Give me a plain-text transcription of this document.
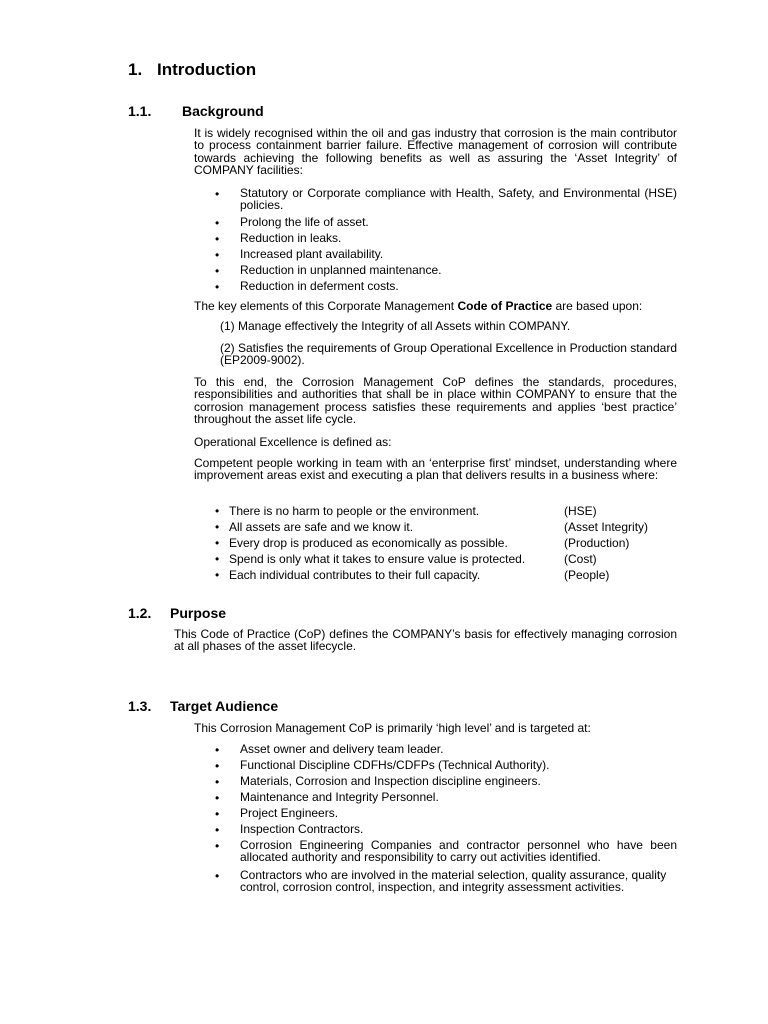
1. Introduction
1.1. Background

It is widely recognised within the oil and gas industry that corrosion is the main contributor to process containment barrier failure. Effective management of corrosion will contribute towards achieving the following benefits as well as assuring the ‘Asset Integrity’ of COMPANY facilities:

• Statutory or Corporate compliance with Health, Safety, and Environmental (HSE) policies.
• Prolong the life of asset.
• Reduction in leaks.
• Increased plant availability.
• Reduction in unplanned maintenance.
• Reduction in deferment costs.

The key elements of this Corporate Management Code of Practice are based upon:

(1) Manage effectively the Integrity of all Assets within COMPANY.

(2) Satisfies the requirements of Group Operational Excellence in Production standard (EP2009-9002).

To this end, the Corrosion Management CoP defines the standards, procedures, responsibilities and authorities that shall be in place within COMPANY to ensure that the corrosion management process satisfies these requirements and applies ‘best practice’ throughout the asset life cycle.

Operational Excellence is defined as:

Competent people working in team with an ‘enterprise first’ mindset, understanding where improvement areas exist and executing a plan that delivers results in a business where:

• There is no harm to people or the environment.	(HSE)
• All assets are safe and we know it.	(Asset Integrity)
• Every drop is produced as economically as possible.	(Production)
• Spend is only what it takes to ensure value is protected.	(Cost)
• Each individual contributes to their full capacity.	(People)
1.2. Purpose

This Code of Practice (CoP) defines the COMPANY’s basis for effectively managing corrosion at all phases of the asset lifecycle.

1.3. Target Audience

This Corrosion Management CoP is primarily ‘high level’ and is targeted at:

• Asset owner and delivery team leader.
• Functional Discipline CDFHs/CDFPs (Technical Authority).
• Materials, Corrosion and Inspection discipline engineers.
• Maintenance and Integrity Personnel.
• Project Engineers.
• Inspection Contractors.
• Corrosion Engineering Companies and contractor personnel who have been allocated authority and responsibility to carry out activities identified.
• Contractors who are involved in the material selection, quality assurance, quality control, corrosion control, inspection, and integrity assessment activities.
